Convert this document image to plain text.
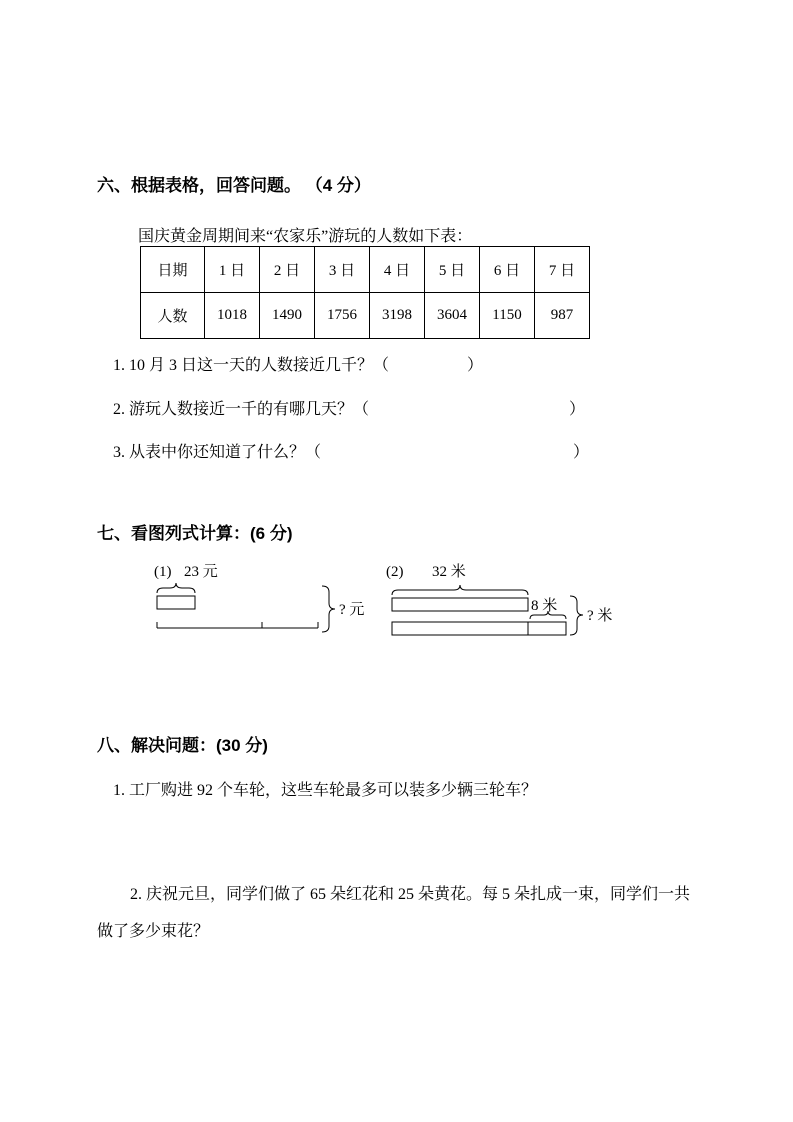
六、根据表格，回答问题。 （4 分）

国庆黄金周期间来“农家乐”游玩的人数如下表：

日期	1 日	2 日	3 日	4 日	5 日	6 日	7 日
人数	1018	1490	1756	3198	3604	1150	987

1. 10 月 3 日这一天的人数接近几千？（	）

2. 游玩人数接近一千的有哪几天？（	）

3. 从表中你还知道了什么？（	）

七、看图列式计算：(6 分)
(1) 23 元
? 元
(2) 32 米
8 米
? 米
八、解决问题：(30 分)

1. 工厂购进 92 个车轮，这些车轮最多可以装多少辆三轮车？

2. 庆祝元旦，同学们做了 65 朵红花和 25 朵黄花。每 5 朵扎成一束，同学们一共做了多少束花？
